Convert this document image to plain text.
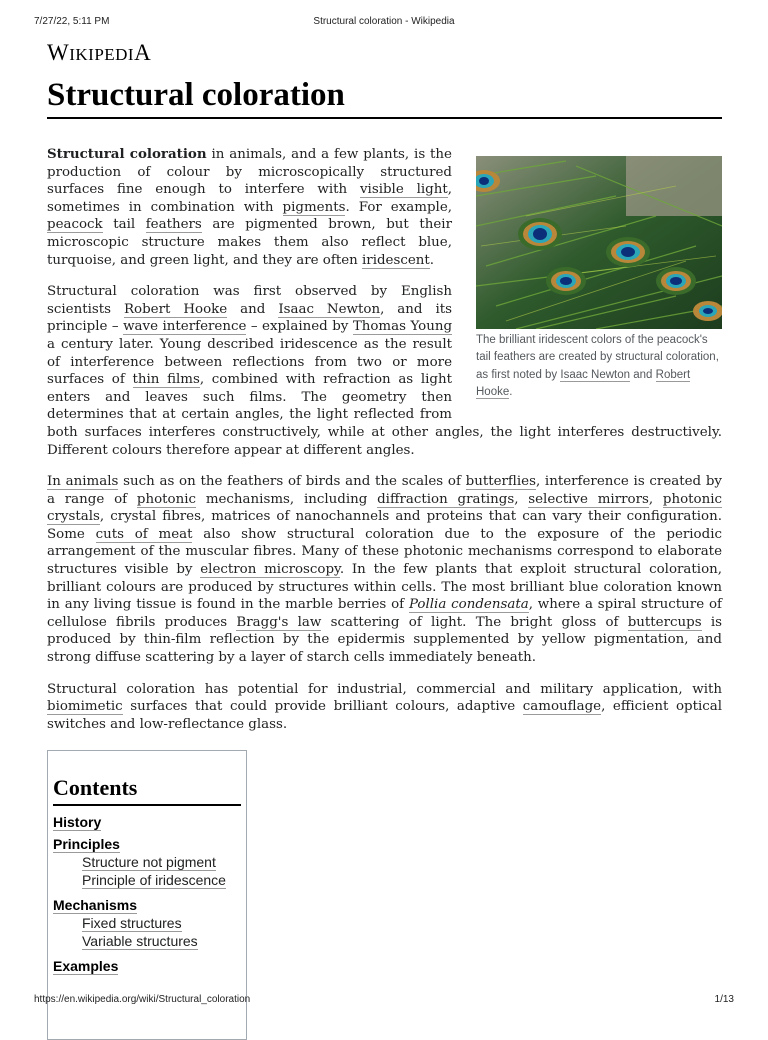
7/27/22, 5:11 PM	Structural coloration - Wikipedia
WIKIPEDIA
Structural coloration
The brilliant iridescent colors of the peacock's tail feathers are created by structural coloration, as first noted by Isaac Newton and Robert Hooke.

Structural coloration in animals, and a few plants, is the production of colour by microscopically structured surfaces fine enough to interfere with visible light, sometimes in combination with pigments. For example, peacock tail feathers are pigmented brown, but their microscopic structure makes them also reflect blue, turquoise, and green light, and they are often iridescent.

Structural coloration was first observed by English scientists Robert Hooke and Isaac Newton, and its principle – wave interference – explained by Thomas Young a century later. Young described iridescence as the result of interference between reflections from two or more surfaces of thin films, combined with refraction as light enters and leaves such films. The geometry then determines that at certain angles, the light reflected from both surfaces interferes constructively, while at other angles, the light interferes destructively. Different colours therefore appear at different angles.

In animals such as on the feathers of birds and the scales of butterflies, interference is created by a range of photonic mechanisms, including diffraction gratings, selective mirrors, photonic crystals, crystal fibres, matrices of nanochannels and proteins that can vary their configuration. Some cuts of meat also show structural coloration due to the exposure of the periodic arrangement of the muscular fibres. Many of these photonic mechanisms correspond to elaborate structures visible by electron microscopy. In the few plants that exploit structural coloration, brilliant colours are produced by structures within cells. The most brilliant blue coloration known in any living tissue is found in the marble berries of Pollia condensata, where a spiral structure of cellulose fibrils produces Bragg's law scattering of light. The bright gloss of buttercups is produced by thin-film reflection by the epidermis supplemented by yellow pigmentation, and strong diffuse scattering by a layer of starch cells immediately beneath.

Structural coloration has potential for industrial, commercial and military application, with biomimetic surfaces that could provide brilliant colours, adaptive camouflage, efficient optical switches and low-reflectance glass.

Contents
History
Principles
Structure not pigment
Principle of iridescence
Mechanisms
Fixed structures
Variable structures
Examples
https://en.wikipedia.org/wiki/Structural_coloration	1/13
